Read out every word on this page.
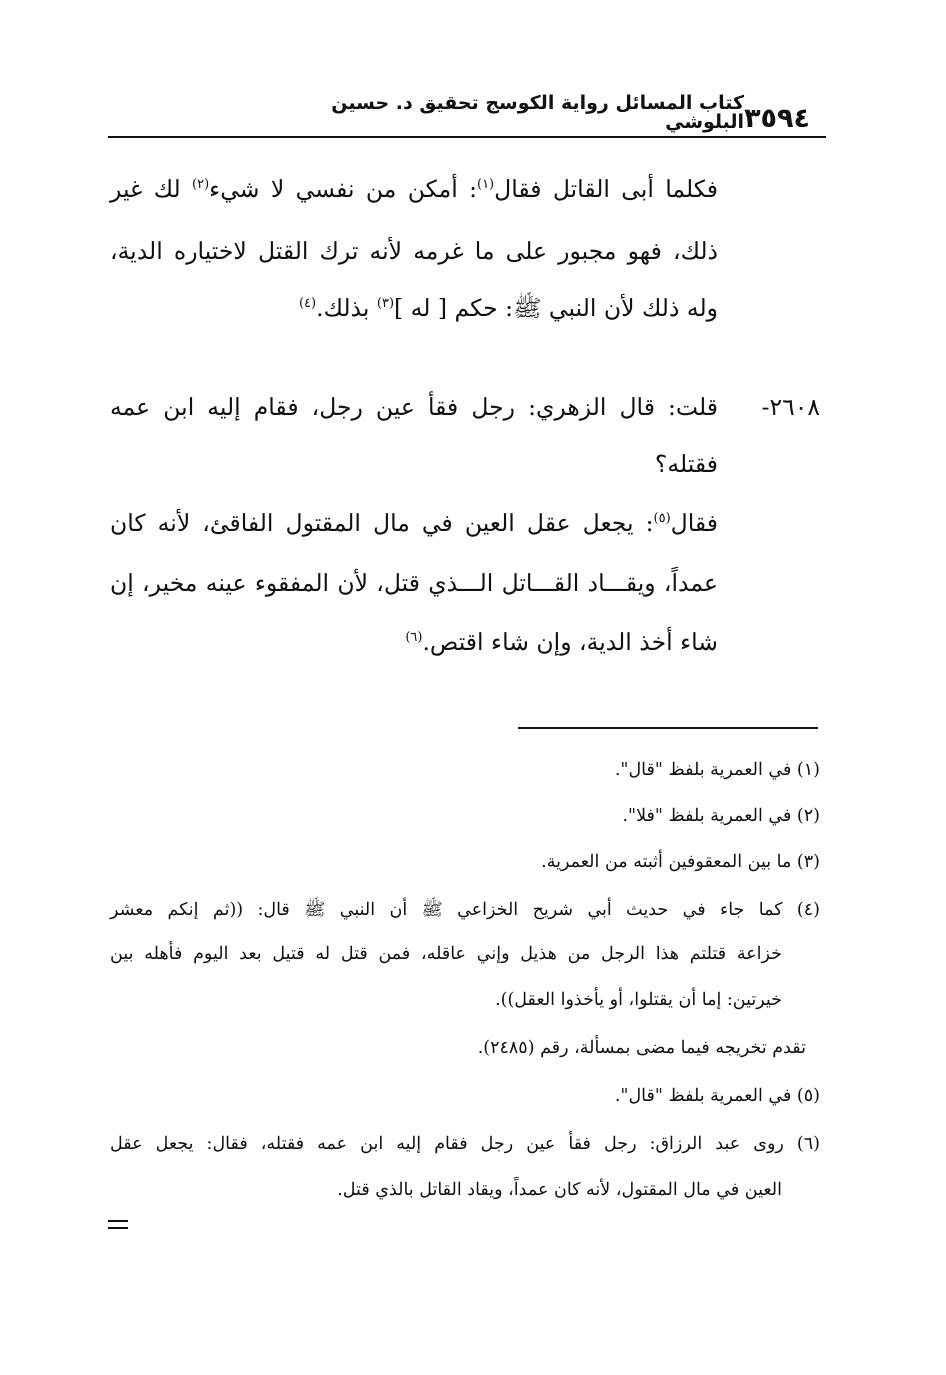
٣٥٩٤
كتاب المسائل رواية الكوسج تحقيق د. حسين البلوشي
فكلما أبى القاتل فقال$^{(١)}$: أمكن من نفسي لا شيء$^{(٢)}$ لك غير
ذلك، فهو مجبور على ما غرمه لأنه ترك القتل لاختياره الدية،
وله ذلك لأن النبي ﷺ: حكم [ له ]$^{(٣)}$ بذلك.$^{(٤)}$
٢٦٠٨-
قلت: قال الزهري: رجل فقأ عين رجل، فقام إليه ابن عمه
فقتله؟
فقال$^{(٥)}$: يجعل عقل العين في مال المقتول الفاقئ، لأنه كان
عمداً، ويقـــاد القـــاتل الـــذي قتل، لأن المفقوء عينه مخير، إن
شاء أخذ الدية، وإن شاء اقتص.$^{(٦)}$
(١) في العمرية بلفظ "قال".
(٢) في العمرية بلفظ "فلا".
(٣) ما بين المعقوفين أثبته من العمرية.
(٤) كما جاء في حديث أبي شريح الخزاعي ﷺ أن النبي ﷺ قال: ((ثم إنكم معشر
خزاعة قتلتم هذا الرجل من هذيل وإني عاقله، فمن قتل له قتيل بعد اليوم فأهله بين
خيرتين: إما أن يقتلوا، أو يأخذوا العقل)).
تقدم تخريجه فيما مضى بمسألة، رقم (٢٤٨٥).
(٥) في العمرية بلفظ "قال".
(٦) روى عبد الرزاق: رجل فقأ عين رجل فقام إليه ابن عمه فقتله، فقال: يجعل عقل
العين في مال المقتول، لأنه كان عمداً، ويقاد القاتل بالذي قتل.
